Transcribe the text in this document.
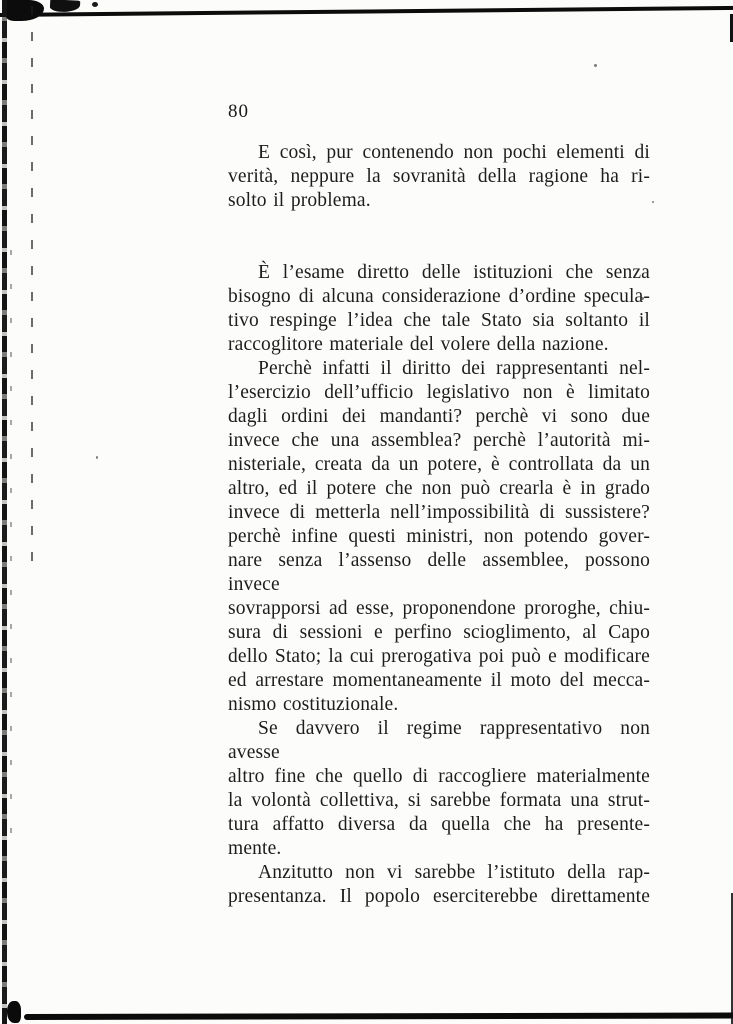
80
E così, pur contenendo non pochi elementi di
verità, neppure la sovranità della ragione ha ri-
solto il problema.
È l’esame diretto delle istituzioni che senza
bisogno di alcuna considerazione d’ordine specula-
tivo respinge l’idea che tale Stato sia soltanto il
raccoglitore materiale del volere della nazione.
Perchè infatti il diritto dei rappresentanti nel-
l’esercizio dell’ufficio legislativo non è limitato
dagli ordini dei mandanti? perchè vi sono due
invece che una assemblea? perchè l’autorità mi-
nisteriale, creata da un potere, è controllata da un
altro, ed il potere che non può crearla è in grado
invece di metterla nell’impossibilità di sussistere?
perchè infine questi ministri, non potendo gover-
nare senza l’assenso delle assemblee, possono invece
sovrapporsi ad esse, proponendone proroghe, chiu-
sura di sessioni e perfino scioglimento, al Capo
dello Stato; la cui prerogativa poi può e modificare
ed arrestare momentaneamente il moto del mecca-
nismo costituzionale.
Se davvero il regime rappresentativo non avesse
altro fine che quello di raccogliere materialmente
la volontà collettiva, si sarebbe formata una strut-
tura affatto diversa da quella che ha presente-
mente.
Anzitutto non vi sarebbe l’istituto della rap-
presentanza. Il popolo eserciterebbe direttamente
